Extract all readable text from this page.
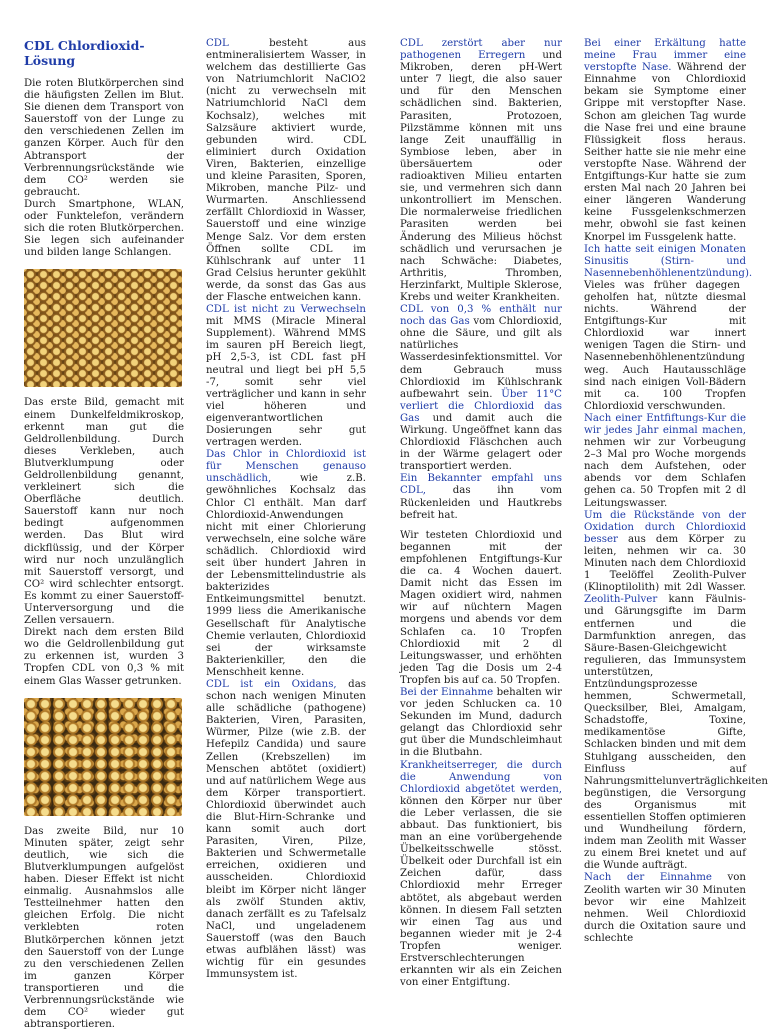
CDL Chlordioxid-Lösung

Die roten Blutkörperchen sind die häufigsten Zellen im Blut. Sie dienen dem Transport von Sauerstoff von der Lunge zu den verschiedenen Zellen im ganzen Körper. Auch für den Abtransport der Verbrennungsrückstände wie dem CO² werden sie gebraucht.

Durch Smartphone, WLAN, oder Funktelefon, verändern sich die roten Blutkörperchen. Sie legen sich aufeinander und bilden lange Schlangen.

Das erste Bild, gemacht mit einem Dunkelfeldmikroskop, erkennt man gut die Geldrollenbildung. Durch dieses Verkleben, auch Blutverklumpung oder Geldrollenbildung genannt, verkleinert sich die Oberfläche deutlich. Sauerstoff kann nur noch bedingt aufgenommen werden. Das Blut wird dickflüssig, und der Körper wird nur noch unzulänglich mit Sauerstoff versorgt, und CO² wird schlechter entsorgt. Es kommt zu einer Sauerstoff-Unterversorgung und die Zellen versauern.

Direkt nach dem ersten Bild wo die Geldrollenbildung gut zu erkennen ist, wurden 3 Tropfen CDL von 0,3 % mit einem Glas Wasser getrunken.

Das zweite Bild, nur 10 Minuten später, zeigt sehr deutlich, wie sich die Blutverklumpungen aufgelöst haben. Dieser Effekt ist nicht einmalig. Ausnahmslos alle Testteilnehmer hatten den gleichen Erfolg. Die nicht verklebten roten Blutkörperchen können jetzt den Sauerstoff von der Lunge zu den verschiedenen Zellen im ganzen Körper transportieren und die Verbrennungsrückstände wie dem CO² wieder gut abtransportieren.

CDL besteht aus entmineralisiertem Wasser, in welchem das destillierte Gas von Natriumchlorit NaClO2 (nicht zu verwechseln mit Natriumchlorid NaCl dem Kochsalz), welches mit Salzsäure aktiviert wurde, gebunden wird. CDL eliminiert durch Oxidation Viren, Bakterien, einzellige und kleine Parasiten, Sporen, Mikroben, manche Pilz- und Wurmarten. Anschliessend zerfällt Chlordioxid in Wasser, Sauerstoff und eine winzige Menge Salz. Vor dem ersten Öffnen sollte CDL im Kühlschrank auf unter 11 Grad Celsius herunter gekühlt werde, da sonst das Gas aus der Flasche entweichen kann.

CDL ist nicht zu Verwechseln mit MMS (Miracle Mineral Supplement). Während MMS im sauren pH Bereich liegt, pH 2,5-3, ist CDL fast pH neutral und liegt bei pH 5,5 -7, somit sehr viel verträglicher und kann in sehr viel höheren und eigenverantwortlichen Dosierungen sehr gut vertragen werden.

Das Chlor in Chlordioxid ist für Menschen genauso unschädlich, wie z.B. gewöhnliches Kochsalz das Chlor Cl enthält. Man darf Chlordioxid-Anwendungen nicht mit einer Chlorierung verwechseln, eine solche wäre schädlich. Chlordioxid wird seit über hundert Jahren in der Lebensmittelindustrie als bakterizides Entkeimungsmittel benutzt. 1999 liess die Amerikanische Gesellschaft für Analytische Chemie verlauten, Chlordioxid sei der wirksamste Bakterienkiller, den die Menschheit kenne.

CDL ist ein Oxidans, das schon nach wenigen Minuten alle schädliche (pathogene) Bakterien, Viren, Parasiten, Würmer, Pilze (wie z.B. der Hefepilz Candida) und saure Zellen (Krebszellen) im Menschen abtötet (oxidiert) und auf natürlichem Wege aus dem Körper transportiert. Chlordioxid überwindet auch die Blut-Hirn-Schranke und kann somit auch dort Parasiten, Viren, Pilze, Bakterien und Schwermetalle erreichen, oxidieren und ausscheiden. Chlordioxid bleibt im Körper nicht länger als zwölf Stunden aktiv, danach zerfällt es zu Tafelsalz NaCl, und ungeladenem Sauerstoff (was den Bauch etwas aufblähen lässt) was wichtig für ein gesundes Immunsystem ist.

CDL zerstört aber nur pathogenen Erregern und Mikroben, deren pH-Wert unter 7 liegt, die also sauer und für den Menschen schädlichen sind. Bakterien, Parasiten, Protozoen, Pilzstämme können mit uns lange Zeit unauffällig in Symbiose leben, aber in übersäuertem oder radioaktiven Milieu entarten sie, und vermehren sich dann unkontrolliert im Menschen. Die normalerweise friedlichen Parasiten werden bei Änderung des Milieus höchst schädlich und verursachen je nach Schwäche: Diabetes, Arthritis, Thromben, Herzinfarkt, Multiple Sklerose, Krebs und weiter Krankheiten.

CDL von 0,3 % enthält nur noch das Gas vom Chlordioxid, ohne die Säure, und gilt als natürliches Wasserdesinfektionsmittel. Vor dem Gebrauch muss Chlordioxid im Kühlschrank aufbewahrt sein. Über 11°C verliert die Chlordioxid das Gas und damit auch die Wirkung. Ungeöffnet kann das Chlordioxid Fläschchen auch in der Wärme gelagert oder transportiert werden.

Ein Bekannter empfahl uns CDL, das ihn vom Rückenleiden und Hautkrebs befreit hat.

Wir testeten Chlordioxid und begannen mit der empfohlenen Entgiftungs-Kur die ca. 4 Wochen dauert. Damit nicht das Essen im Magen oxidiert wird, nahmen wir auf nüchtern Magen morgens und abends vor dem Schlafen ca. 10 Tropfen Chlordioxid mit 2 dl Leitungswasser, und erhöhten jeden Tag die Dosis um 2-4 Tropfen bis auf ca. 50 Tropfen.

Bei der Einnahme behalten wir vor jeden Schlucken ca. 10 Sekunden im Mund, dadurch gelangt das Chlordioxid sehr gut über die Mundschleimhaut in die Blutbahn.

Krankheitserreger, die durch die Anwendung von Chlordioxid abgetötet werden, können den Körper nur über die Leber verlassen, die sie abbaut. Das funktioniert, bis man an eine vorübergehende Übelkeitsschwelle stösst. Übelkeit oder Durchfall ist ein Zeichen dafür, dass Chlordioxid mehr Erreger abtötet, als abgebaut werden können. In diesem Fall setzten wir einen Tag aus und begannen wieder mit je 2-4 Tropfen weniger. Erstverschlechterungen erkannten wir als ein Zeichen von einer Entgiftung.

Bei einer Erkältung hatte meine Frau immer eine verstopfte Nase. Während der Einnahme von Chlordioxid bekam sie Symptome einer Grippe mit verstopfter Nase. Schon am gleichen Tag wurde die Nase frei und eine braune Flüssigkeit floss heraus. Seither hatte sie nie mehr eine verstopfte Nase. Während der Entgiftungs-Kur hatte sie zum ersten Mal nach 20 Jahren bei einer längeren Wanderung keine Fussgelenkschmerzen mehr, obwohl sie fast keinen Knorpel im Fussgelenk hatte.

Ich hatte seit einigen Monaten Sinusitis (Stirn- und Nasennebenhöhlenentzündung). Vieles was früher dagegen geholfen hat, nützte diesmal nichts. Während der Entgiftungs-Kur mit Chlordioxid war innert wenigen Tagen die Stirn- und Nasennebenhöhlenentzündung weg. Auch Hautausschläge sind nach einigen Voll-Bädern mit ca. 100 Tropfen Chlordioxid verschwunden.

Nach einer Entfiftungs-Kur die wir jedes Jahr einmal machen, nehmen wir zur Vorbeugung 2–3 Mal pro Woche morgends nach dem Aufstehen, oder abends vor dem Schlafen gehen ca. 50 Tropfen mit 2 dl Leitungswasser.

Um die Rückstände von der Oxidation durch Chlordioxid besser aus dem Körper zu leiten, nehmen wir ca. 30 Minuten nach dem Chlordioxid 1 Teelöffel Zeolith-Pulver (Klinoptilolith) mit 2dl Wasser. Zeolith-Pulver kann Fäulnis- und Gärungsgifte im Darm entfernen und die Darmfunktion anregen, das Säure-Basen-Gleichgewicht regulieren, das Immunsystem unterstützen, Entzündungsprozesse hemmen, Schwermetall, Quecksilber, Blei, Amalgam, Schadstoffe, Toxine, medikamentöse Gifte, Schlacken binden und mit dem Stuhlgang ausscheiden, den Einfluss auf Nahrungsmittelunverträglichkeiten begünstigen, die Versorgung des Organismus mit essentiellen Stoffen optimieren und Wundheilung fördern, indem man Zeolith mit Wasser zu einem Brei knetet und auf die Wunde aufträgt.

Nach der Einnahme von Zeolith warten wir 30 Minuten bevor wir eine Mahlzeit nehmen. Weil Chlordioxid durch die Oxitation saure und schlechte
